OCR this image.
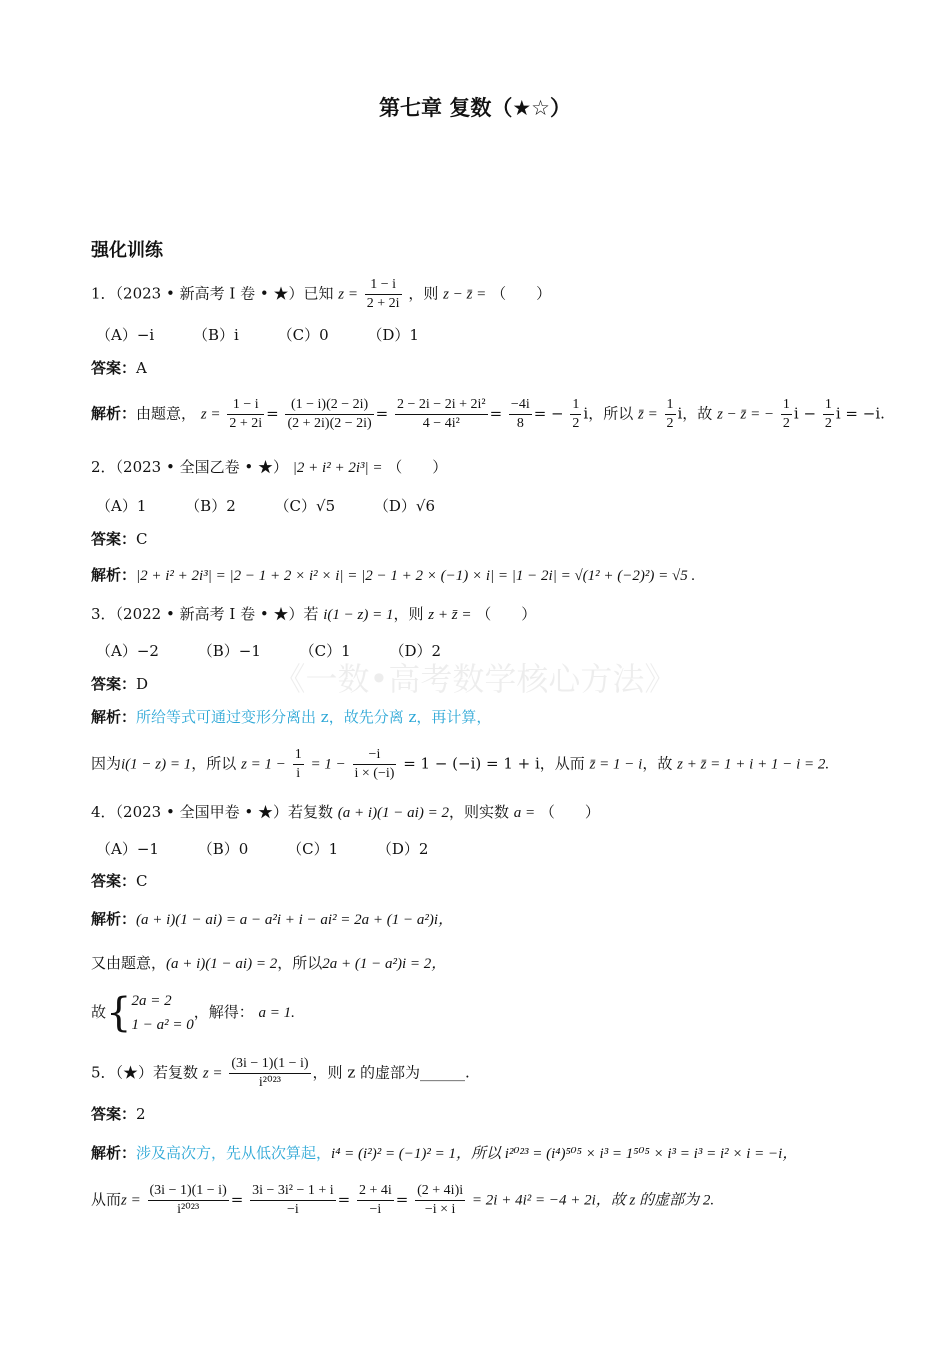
第七章 复数（★☆）
《一数•高考数学核心方法》
强化训练
1．（2023 • 新高考 I 卷 • ★）已知 $z = \frac{1 - i}{2 + 2i}$ ，则 z − z̄ = （　　）
（A）−i	（B）i	（C）0	（D）1
答案：A
解析：由题意， $z = \frac{1 - i}{2 + 2i} = \frac{(1 - i)(2 - 2i)}{(2 + 2i)(2 - 2i)} = \frac{\text{2 − 2i − 2i + 2i²}}{\text{4 − 4i²}} = \frac{-4i}{8}$ = − $\frac{1}{2}$ i，所以 z̄ = $\frac{1}{2}$ i，故 z − z̄ = − $\frac{1}{2}$ $i - \frac{1}{2}$ i = −i.
2．（2023 • 全国乙卷 • ★） |2 + i² + 2i³| = （　　）
（A）1	（B）2	（C）√5	（D）√6
答案：C
解析：|2 + i² + 2i³| = |2 − 1 + 2 × i² × i| = |2 − 1 + 2 × (−1) × i| = |1 − 2i| = √(1² + (−2)²) = √5 .
3．（2022 • 新高考 I 卷 • ★）若 i(1 − z) = 1，则 z + z̄ = （　　）
（A）−2	（B）−1	（C）1	（D）2
答案：D
解析：所给等式可通过变形分离出 z，故先分离 z，再计算，
因为i(1 − z) = 1，所以 $z = 1 - \frac{1}{i} = 1 - \frac{-i}{i \times (-i)} = 1 - (-i) = 1 + i$，从而 z̄ = 1 − i，故 z + z̄ = 1 + i + 1 − i = 2.
4．（2023 • 全国甲卷 • ★）若复数 (a + i)(1 − ai) = 2，则实数 a = （　　）
（A）−1	（B）0	（C）1	（D）2
答案：C
解析：(a + i)(1 − ai) = a − a²i + i − ai² = 2a + (1 − a²)i，
又由题意，(a + i)(1 − ai) = 2，所以2a + (1 − a²)i = 2，
故{ 2a = 2
1 − a² = 0
，解得： a = 1.
5．（★）若复数 $z = \frac{(3i - 1)(1 - i)}{\text{i²⁰²³}}$ ，则 z 的虚部为______.
答案：2
解析：涉及高次方，先从低次算起，i⁴ = (i²)² = (−1)² = 1，所以 i²⁰²³ = (i⁴)⁵⁰⁵ × i³ = 1⁵⁰⁵ × i³ = i³ = i² × i = −i，
从而$z = \frac{(3i - 1)(1 - i)}{\text{i²⁰²³}} = \frac{\text{3i − 3i² − 1 + i}}{-i} = \frac{2 + 4i}{-i} = \frac{(2 + 4i)i}{-i \times i} = 2i + 4i^2 = -4 + 2i$，故 z 的虚部为 2.
